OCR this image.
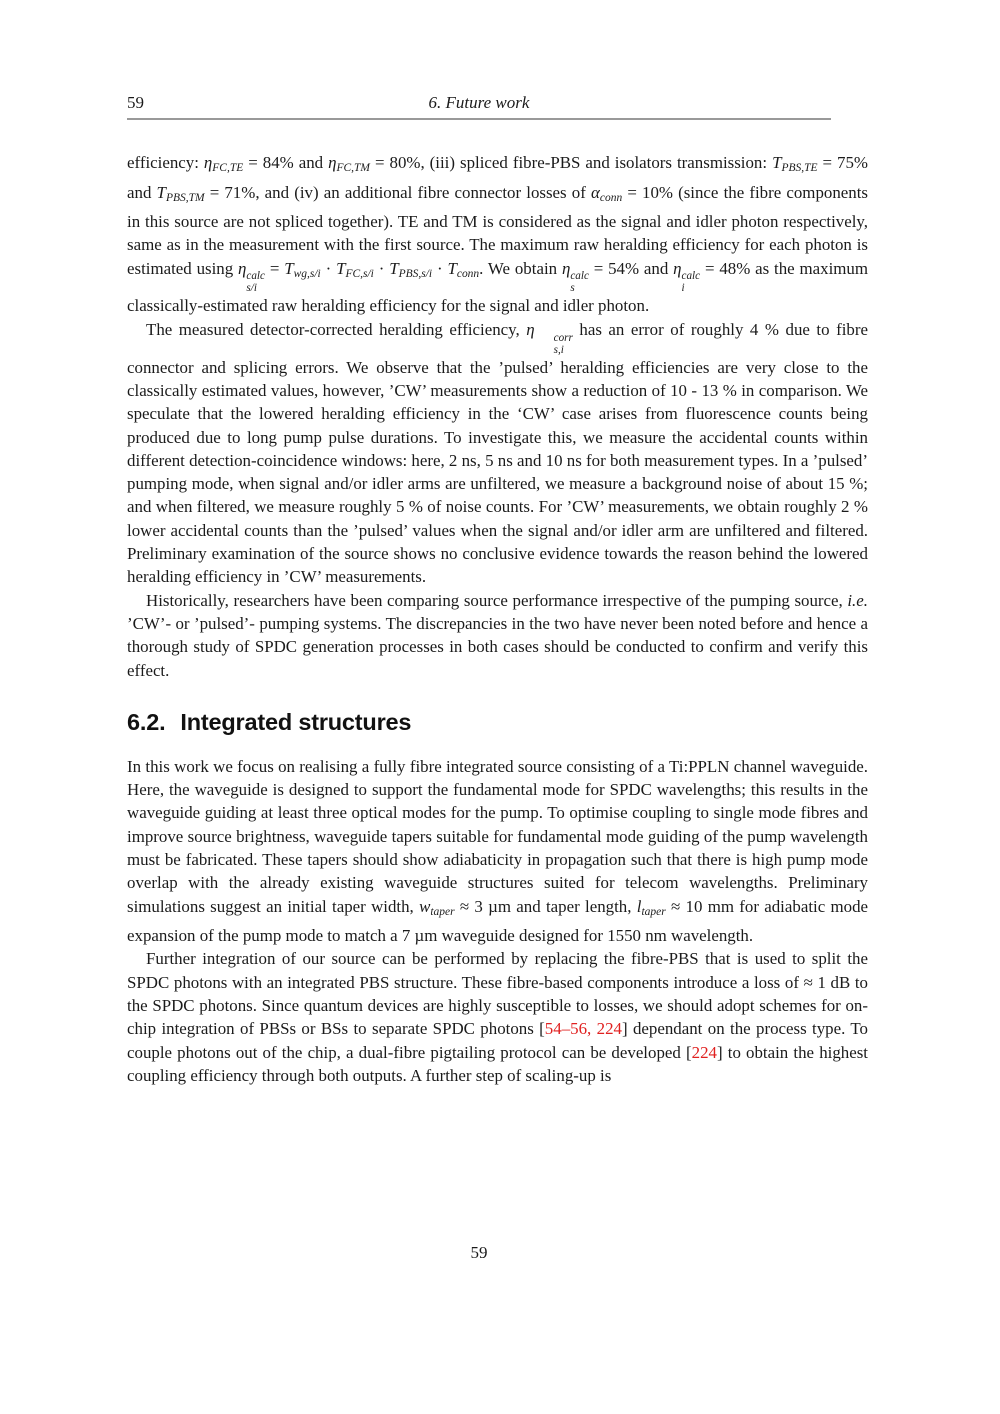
59	6. Future work

efficiency: ηFC,TE = 84% and ηFC,TM = 80%, (iii) spliced fibre-PBS and isolators transmission: TPBS,TE = 75% and TPBS,TM = 71%, and (iv) an additional fibre connector losses of αconn = 10% (since the fibre components in this source are not spliced together). TE and TM is considered as the signal and idler photon respectively, same as in the measurement with the first source. The maximum raw heralding efficiency for each photon is estimated using η calc
s/i
= Twg,s/i · TFC,s/i · TPBS,s/i · Tconn. We obtain η calc
s
= 54% and η calc
i
= 48% as the maximum classically-estimated raw heralding efficiency for the signal and idler photon.

The measured detector-corrected heralding efficiency, η	corr
s,i
has an error of roughly 4 % due to fibre connector and splicing errors. We observe that the ’pulsed’ heralding efficiencies are very close to the classically estimated values, however, ’CW’ measurements show a reduction of 10 - 13 % in comparison. We speculate that the lowered heralding efficiency in the ‘CW’ case arises from fluorescence counts being produced due to long pump pulse durations. To investigate this, we measure the accidental counts within different detection-coincidence windows: here, 2 ns, 5 ns and 10 ns for both measurement types. In a ’pulsed’ pumping mode, when signal and/or idler arms are unfiltered, we measure a background noise of about 15 %; and when filtered, we measure roughly 5 % of noise counts. For ’CW’ measurements, we obtain roughly 2 % lower accidental counts than the ’pulsed’ values when the signal and/or idler arm are unfiltered and filtered. Preliminary examination of the source shows no conclusive evidence towards the reason behind the lowered heralding efficiency in ’CW’ measurements.

Historically, researchers have been comparing source performance irrespective of the pumping source, i.e. ’CW’- or ’pulsed’- pumping systems. The discrepancies in the two have never been noted before and hence a thorough study of SPDC generation processes in both cases should be conducted to confirm and verify this effect.

6.2. Integrated structures

In this work we focus on realising a fully fibre integrated source consisting of a Ti:PPLN channel waveguide. Here, the waveguide is designed to support the fundamental mode for SPDC wavelengths; this results in the waveguide guiding at least three optical modes for the pump. To optimise coupling to single mode fibres and improve source brightness, waveguide tapers suitable for fundamental mode guiding of the pump wavelength must be fabricated. These tapers should show adiabaticity in propagation such that there is high pump mode overlap with the already existing waveguide structures suited for telecom wavelengths. Preliminary simulations suggest an initial taper width, wtaper ≈ 3 µm and taper length, ltaper ≈ 10 mm for adiabatic mode expansion of the pump mode to match a 7 µm waveguide designed for 1550 nm wavelength.

Further integration of our source can be performed by replacing the fibre-PBS that is used to split the SPDC photons with an integrated PBS structure. These fibre-based components introduce a loss of ≈ 1 dB to the SPDC photons. Since quantum devices are highly susceptible to losses, we should adopt schemes for on-chip integration of PBSs or BSs to separate SPDC photons [54–56, 224] dependant on the process type. To couple photons out of the chip, a dual-fibre pigtailing protocol can be developed [224] to obtain the highest coupling efficiency through both outputs. A further step of scaling-up is

59
